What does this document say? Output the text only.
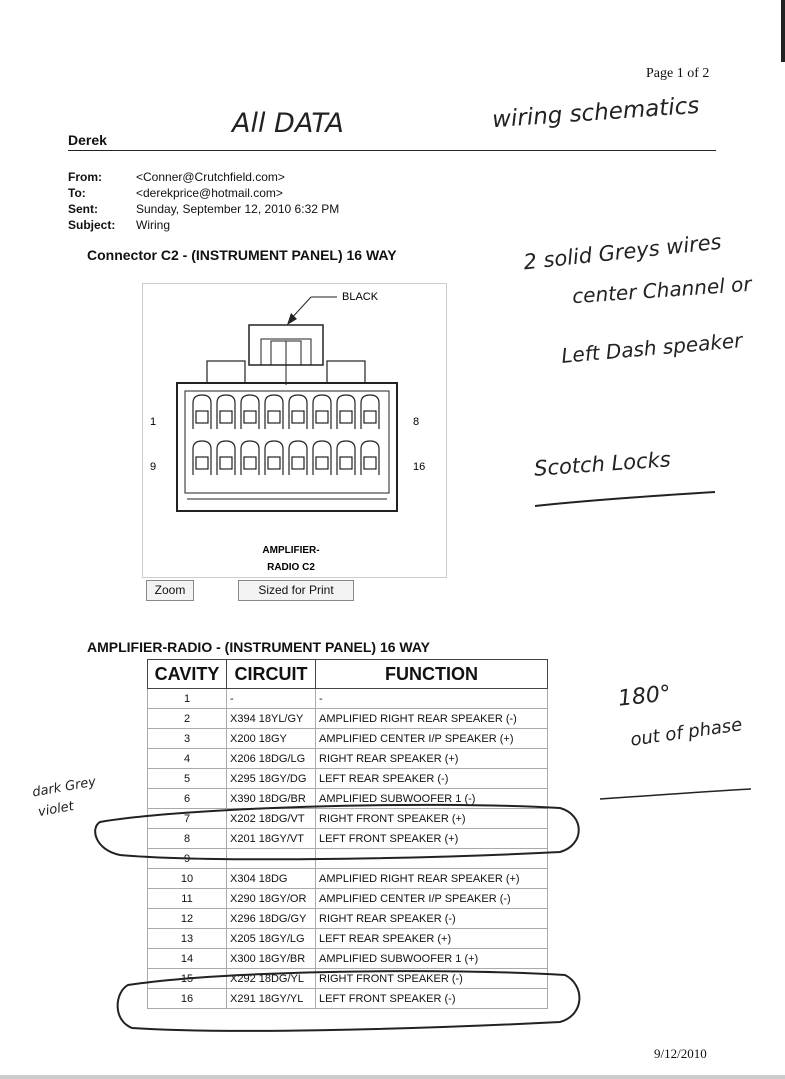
Page 1 of 2
All DATA	wiring schematics
Derek
From:	<Conner@Crutchfield.com>
To:	<derekprice@hotmail.com>
Sent:	Sunday, September 12, 2010 6:32 PM
Subject:	Wiring
Connector C2 - (INSTRUMENT PANEL) 16 WAY	2 solid Greys wires
center Channel or
Left Dash speaker
Scotch Locks
BLACK
1	8
9	16
AMPLIFIER-
RADIO C2
Zoom	Sized for Print
AMPLIFIER-RADIO - (INSTRUMENT PANEL) 16 WAY
CAVITY	CIRCUIT	FUNCTION
1	-	-
2	X394 18YL/GY	AMPLIFIED RIGHT REAR SPEAKER (-)
3	X200 18GY	AMPLIFIED CENTER I/P SPEAKER (+)
4	X206 18DG/LG	RIGHT REAR SPEAKER (+)
5	X295 18GY/DG	LEFT REAR SPEAKER (-)
6	X390 18DG/BR	AMPLIFIED SUBWOOFER 1 (-)
7	X202 18DG/VT	RIGHT FRONT SPEAKER (+)
8	X201 18GY/VT	LEFT FRONT SPEAKER (+)
9	-	-
10	X304 18DG	AMPLIFIED RIGHT REAR SPEAKER (+)
11	X290 18GY/OR	AMPLIFIED CENTER I/P SPEAKER (-)
12	X296 18DG/GY	RIGHT REAR SPEAKER (-)
13	X205 18GY/LG	LEFT REAR SPEAKER (+)
14	X300 18GY/BR	AMPLIFIED SUBWOOFER 1 (+)
15	X292 18DG/YL	RIGHT FRONT SPEAKER (-)
16	X291 18GY/YL	LEFT FRONT SPEAKER (-)
180°
out of phase
dark Grey
violet
9/12/2010
